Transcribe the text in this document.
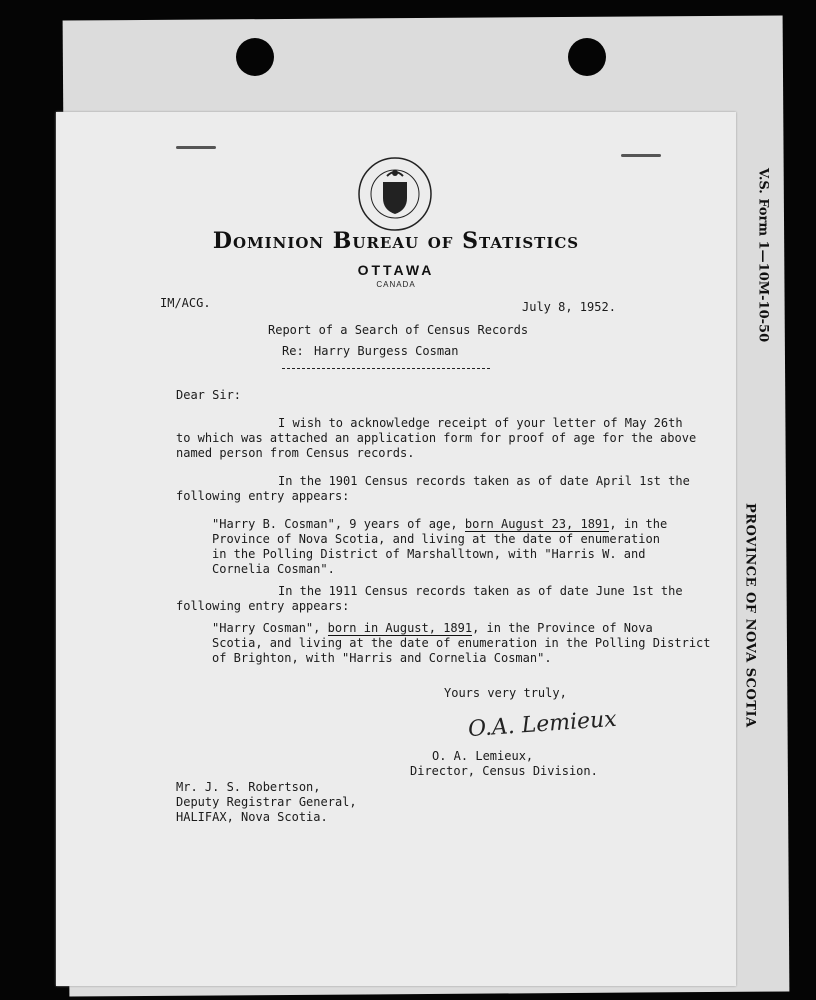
V.S. Form 1—10M-10-50
PROVINCE OF NOVA SCOTIA
Dominion Bureau of Statistics
OTTAWA
CANADA
IM/ACG.	July 8, 1952.
Report of a Search of Census Records
Re: Harry Burgess Cosman
Dear Sir:
I wish to acknowledge receipt of your letter of May 26th
to which was attached an application form for proof of age for the above
named person from Census records.
In the 1901 Census records taken as of date April 1st the
following entry appears:
"Harry B. Cosman", 9 years of age, born August 23, 1891, in the
Province of Nova Scotia, and living at the date of enumeration
in the Polling District of Marshalltown, with "Harris W. and
Cornelia Cosman".
In the 1911 Census records taken as of date June 1st the
following entry appears:
"Harry Cosman", born in August, 1891, in the Province of Nova
Scotia, and living at the date of enumeration in the Polling District
of Brighton, with "Harris and Cornelia Cosman".
Yours very truly,
O.A. Lemieux
O. A. Lemieux,
Director, Census Division.
Mr. J. S. Robertson,
Deputy Registrar General,
HALIFAX, Nova Scotia.
